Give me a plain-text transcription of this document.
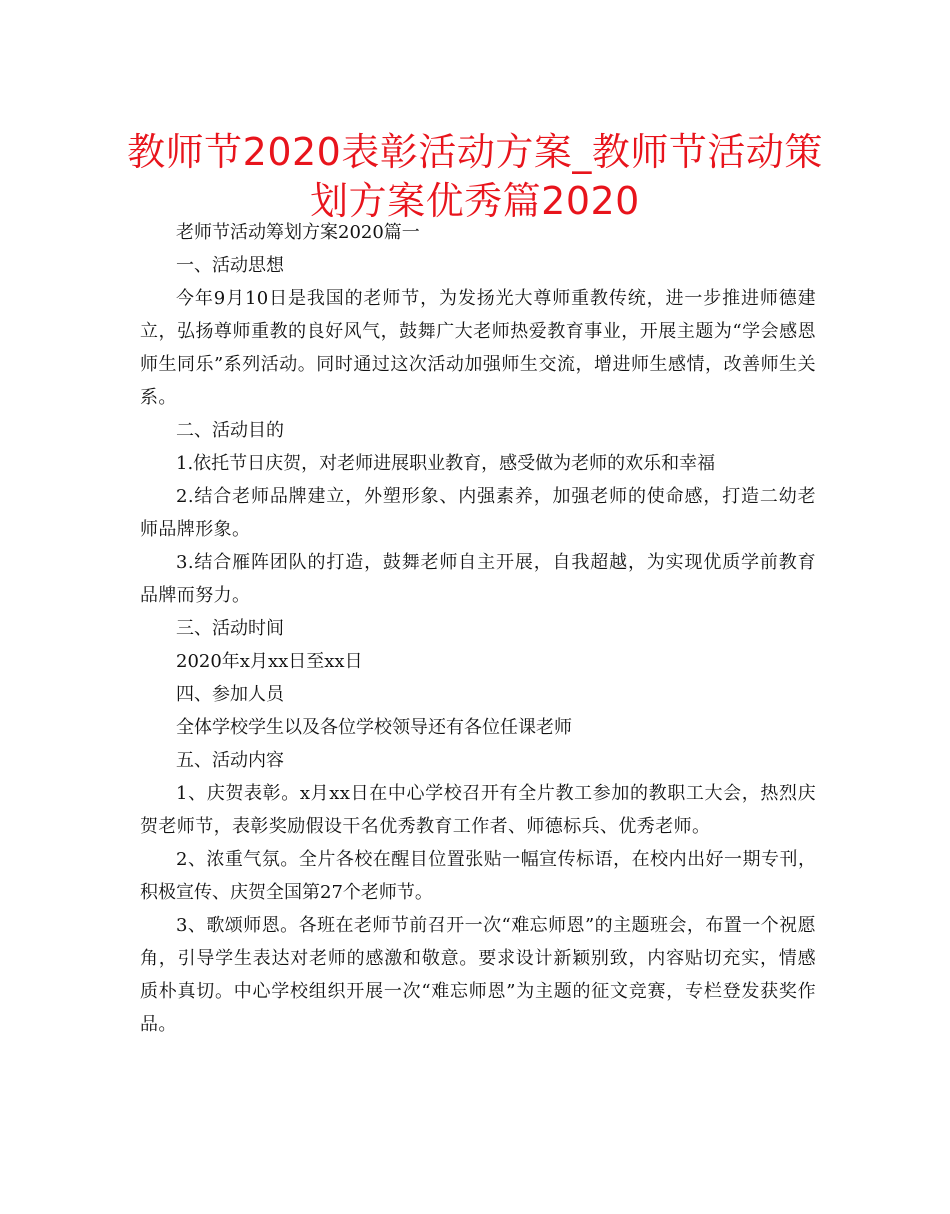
教师节2020表彰活动方案_教师节活动策划方案优秀篇2020

老师节活动筹划方案2020篇一

一、活动思想

今年9月10日是我国的老师节，为发扬光大尊师重教传统，进一步推进师德建立，弘扬尊师重教的良好风气，鼓舞广大老师热爱教育事业，开展主题为“学会感恩师生同乐”系列活动。同时通过这次活动加强师生交流，增进师生感情，改善师生关系。

二、活动目的

1.依托节日庆贺，对老师进展职业教育，感受做为老师的欢乐和幸福

2.结合老师品牌建立，外塑形象、内强素养，加强老师的使命感，打造二幼老师品牌形象。

3.结合雁阵团队的打造，鼓舞老师自主开展，自我超越，为实现优质学前教育品牌而努力。

三、活动时间

2020年x月xx日至xx日

四、参加人员

全体学校学生以及各位学校领导还有各位任课老师

五、活动内容

1、庆贺表彰。x月xx日在中心学校召开有全片教工参加的教职工大会，热烈庆贺老师节，表彰奖励假设干名优秀教育工作者、师德标兵、优秀老师。

2、浓重气氛。全片各校在醒目位置张贴一幅宣传标语，在校内出好一期专刊，积极宣传、庆贺全国第27个老师节。

3、歌颂师恩。各班在老师节前召开一次“难忘师恩”的主题班会，布置一个祝愿角，引导学生表达对老师的感激和敬意。要求设计新颖别致，内容贴切充实，情感质朴真切。中心学校组织开展一次“难忘师恩”为主题的征文竞赛，专栏登发获奖作品。
